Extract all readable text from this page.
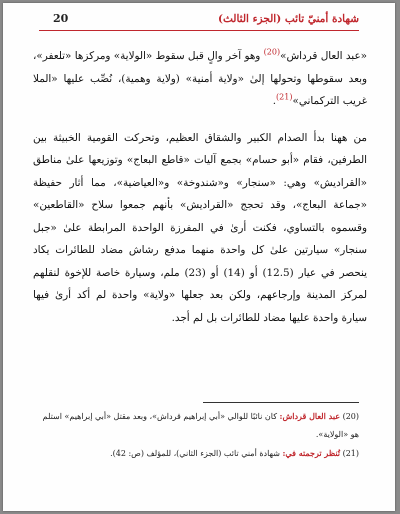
شهادة أمنيّ تائب (الجزء الثالث)
20

«عبد العال قرداش»$^{(20)}$ وهو آخر والٍ قبل سقوط «الولاية» ومركزها «تلعفر»، وبعد سقوطها وتحولها إلىٰ «ولاية أمنية» (ولاية وهمية)، نُصِّب عليها «الملا غريب التركماني»$^{(21)}$.

من ههنا بدأ الصدام الكبير والشقاق العظيم، وتحركت القومية الخبيثة بين الطرفين، فقام «أبو حسام» بجمع آليات «قاطع البعاج» وتوزيعها علىٰ مناطق «القراديش» وهي: «سنجار» و«شندوخة» و«العياضية»، مما أثار حفيظة «جماعة البعاج»، وقد تحجج «القراديش» بأنهم جمعوا سلاح «القاطعين» وقسموه بالتساوي، فكنت أرىٰ في المفرزة الواحدة المرابطة علىٰ «جبل سنجار» سيارتين علىٰ كل واحدة منهما مدفع رشاش مضاد للطائرات يكاد ينحصر في عيار (12.5) أو (14) أو (23) ملم، وسيارة خاصة للإخوة لنقلهم لمركز المدينة وإرجاعهم، ولكن بعد جعلها «ولاية» واحدة لم أكد أرىٰ فيها سيارة واحدة عليها مضاد للطائرات بل لم أجد.

(20) عبد العال قرداش: كان نائبًا للوالي «أبي إبراهيم قرداش»، وبعد مقتل «أبي إبراهيم» استلم هو «الولاية».

(21) تُنظر ترجمته في: شهادة أمني تائب (الجزء الثاني)، للمؤلف (ص: 42).
